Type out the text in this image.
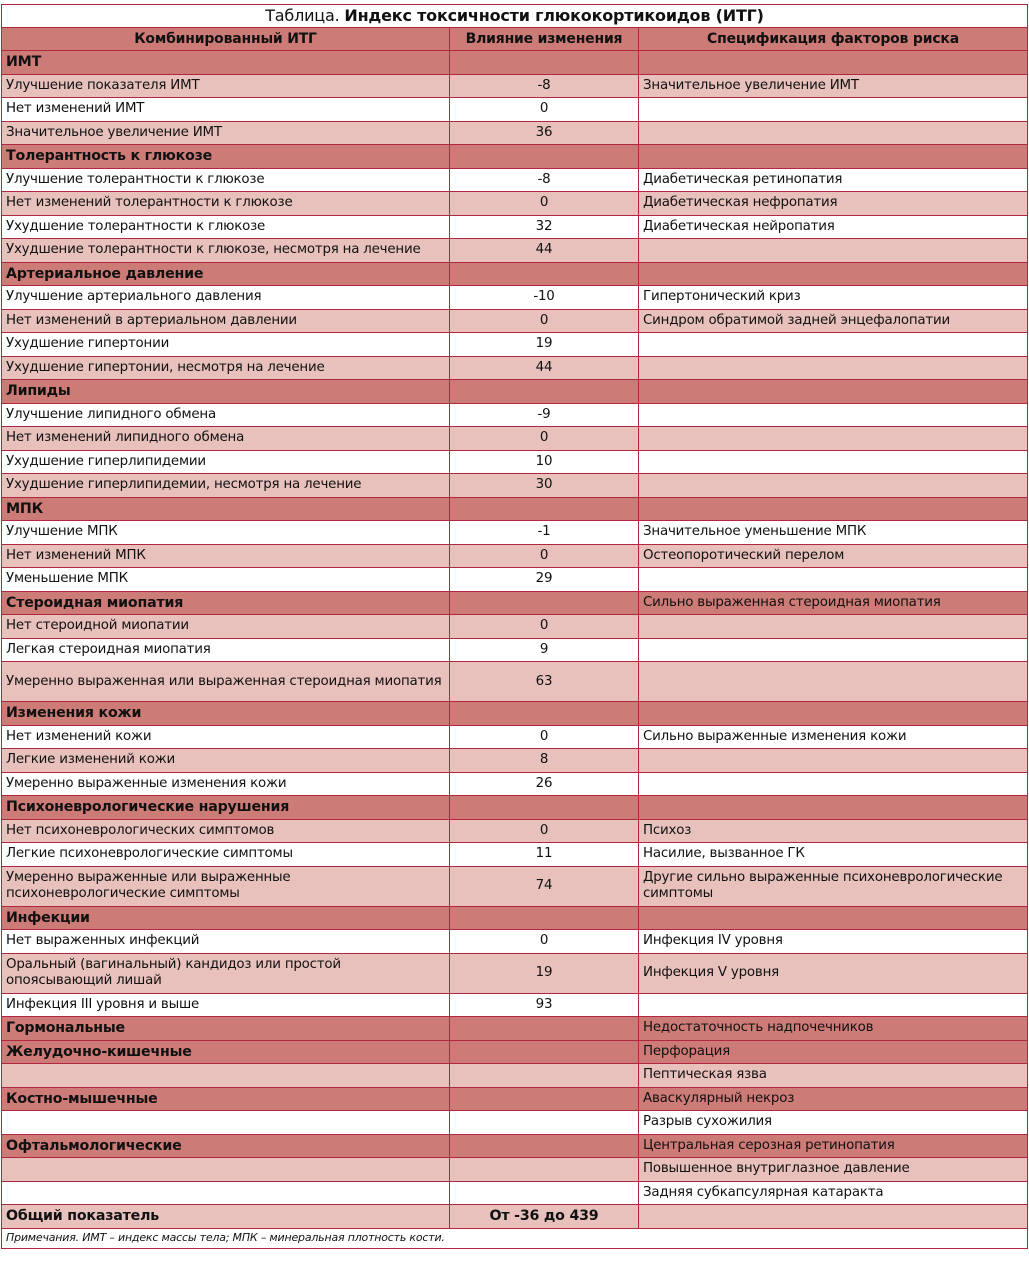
Таблица. Индекс токсичности глюкокортикоидов (ИТГ)		
Комбинированный ИТГ	Влияние изменения	Спецификация факторов риска
ИМТ		
Улучшение показателя ИМТ	-8	Значительное увеличение ИМТ
Нет изменений ИМТ	0	
Значительное увеличение ИМТ	36	
Толерантность к глюкозе		
Улучшение толерантности к глюкозе	-8	Диабетическая ретинопатия
Нет изменений толерантности к глюкозе	0	Диабетическая нефропатия
Ухудшение толерантности к глюкозе	32	Диабетическая нейропатия
Ухудшение толерантности к глюкозе, несмотря на лечение	44	
Артериальное давление		
Улучшение артериального давления	-10	Гипертонический криз
Нет изменений в артериальном давлении	0	Синдром обратимой задней энцефалопатии
Ухудшение гипертонии	19	
Ухудшение гипертонии, несмотря на лечение	44	
Липиды		
Улучшение липидного обмена	-9	
Нет изменений липидного обмена	0	
Ухудшение гиперлипидемии	10	
Ухудшение гиперлипидемии, несмотря на лечение	30	
МПК		
Улучшение МПК	-1	Значительное уменьшение МПК
Нет изменений МПК	0	Остеопоротический перелом
Уменьшение МПК	29	
Стероидная миопатия		Сильно выраженная стероидная миопатия
Нет стероидной миопатии	0	
Легкая стероидная миопатия	9	
Умеренно выраженная или выраженная стероидная миопатия	63	
Изменения кожи		
Нет изменений кожи	0	Сильно выраженные изменения кожи
Легкие изменений кожи	8	
Умеренно выраженные изменения кожи	26	
Психоневрологические нарушения		
Нет психоневрологических симптомов	0	Психоз
Легкие психоневрологические симптомы	11	Насилие, вызванное ГК
Умеренно выраженные или выраженные психоневрологические симптомы	74	Другие сильно выраженные психоневрологические симптомы
Инфекции		
Нет выраженных инфекций	0	Инфекция IV уровня
Оральный (вагинальный) кандидоз или простой опоясывающий лишай	19	Инфекция V уровня
Инфекция III уровня и выше	93	
Гормональные		Недостаточность надпочечников
Желудочно-кишечные		Перфорация
		Пептическая язва
Костно-мышечные		Аваскулярный некроз
		Разрыв сухожилия
Офтальмологические		Центральная серозная ретинопатия
		Повышенное внутриглазное давление
		Задняя субкапсулярная катаракта
Общий показатель	От -36 до 439	
Примечания. ИМТ – индекс массы тела; МПК – минеральная плотность кости.		
